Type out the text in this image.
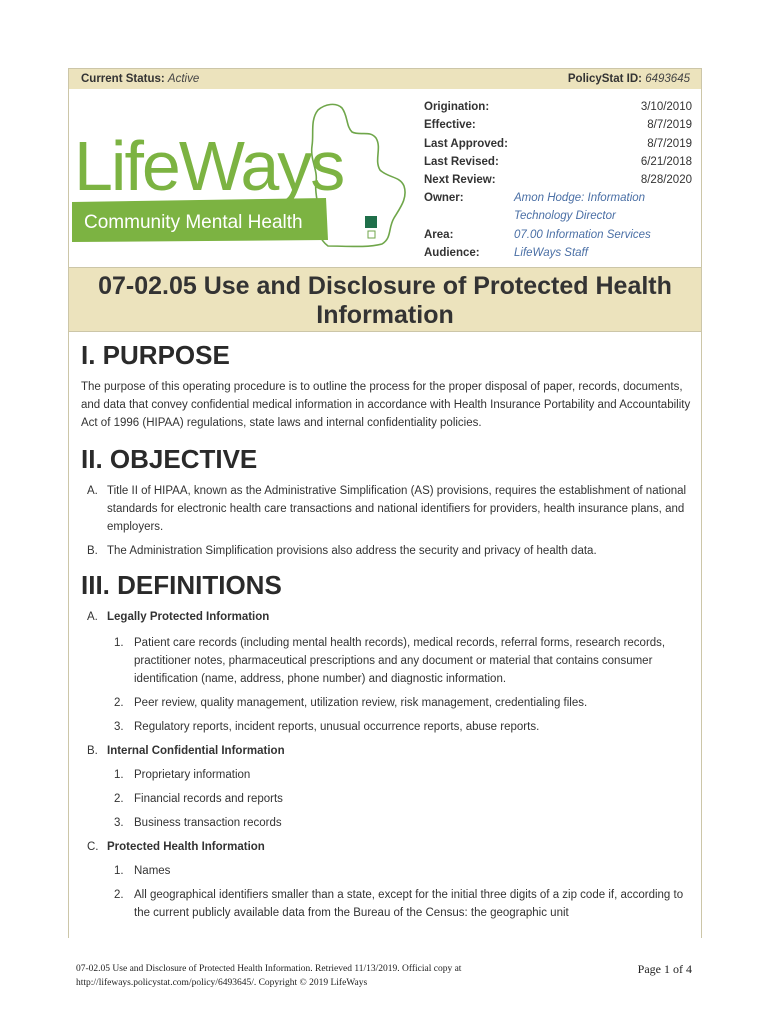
Current Status: Active	PolicyStat ID: 6493645
LifeWays
Community Mental Health
Origination:	3/10/2010
Effective:	8/7/2019
Last Approved:	8/7/2019
Last Revised:	6/21/2018
Next Review:	8/28/2020
Owner:	Amon Hodge: Information Technology Director
Area:	07.00 Information Services
Audience:	LifeWays Staff
07-02.05 Use and Disclosure of Protected Health Information
I. PURPOSE

The purpose of this operating procedure is to outline the process for the proper disposal of paper, records, documents, and data that convey confidential medical information in accordance with Health Insurance Portability and Accountability Act of 1996 (HIPAA) regulations, state laws and internal confidentiality policies.

II. OBJECTIVE
A. Title II of HIPAA, known as the Administrative Simplification (AS) provisions, requires the establishment of national standards for electronic health care transactions and national identifiers for providers, health insurance plans, and employers.
B. The Administration Simplification provisions also address the security and privacy of health data.
III. DEFINITIONS
A. Legally Protected Information
1. Patient care records (including mental health records), medical records, referral forms, research records, practitioner notes, pharmaceutical prescriptions and any document or material that contains consumer identification (name, address, phone number) and diagnostic information.
2. Peer review, quality management, utilization review, risk management, credentialing files.
3. Regulatory reports, incident reports, unusual occurrence reports, abuse reports.
B. Internal Confidential Information
1. Proprietary information
2. Financial records and reports
3. Business transaction records
C. Protected Health Information
1. Names
2. All geographical identifiers smaller than a state, except for the initial three digits of a zip code if, according to the current publicly available data from the Bureau of the Census: the geographic unit
07-02.05 Use and Disclosure of Protected Health Information. Retrieved 11/13/2019. Official copy at
http://lifeways.policystat.com/policy/6493645/. Copyright © 2019 LifeWays
Page 1 of 4
